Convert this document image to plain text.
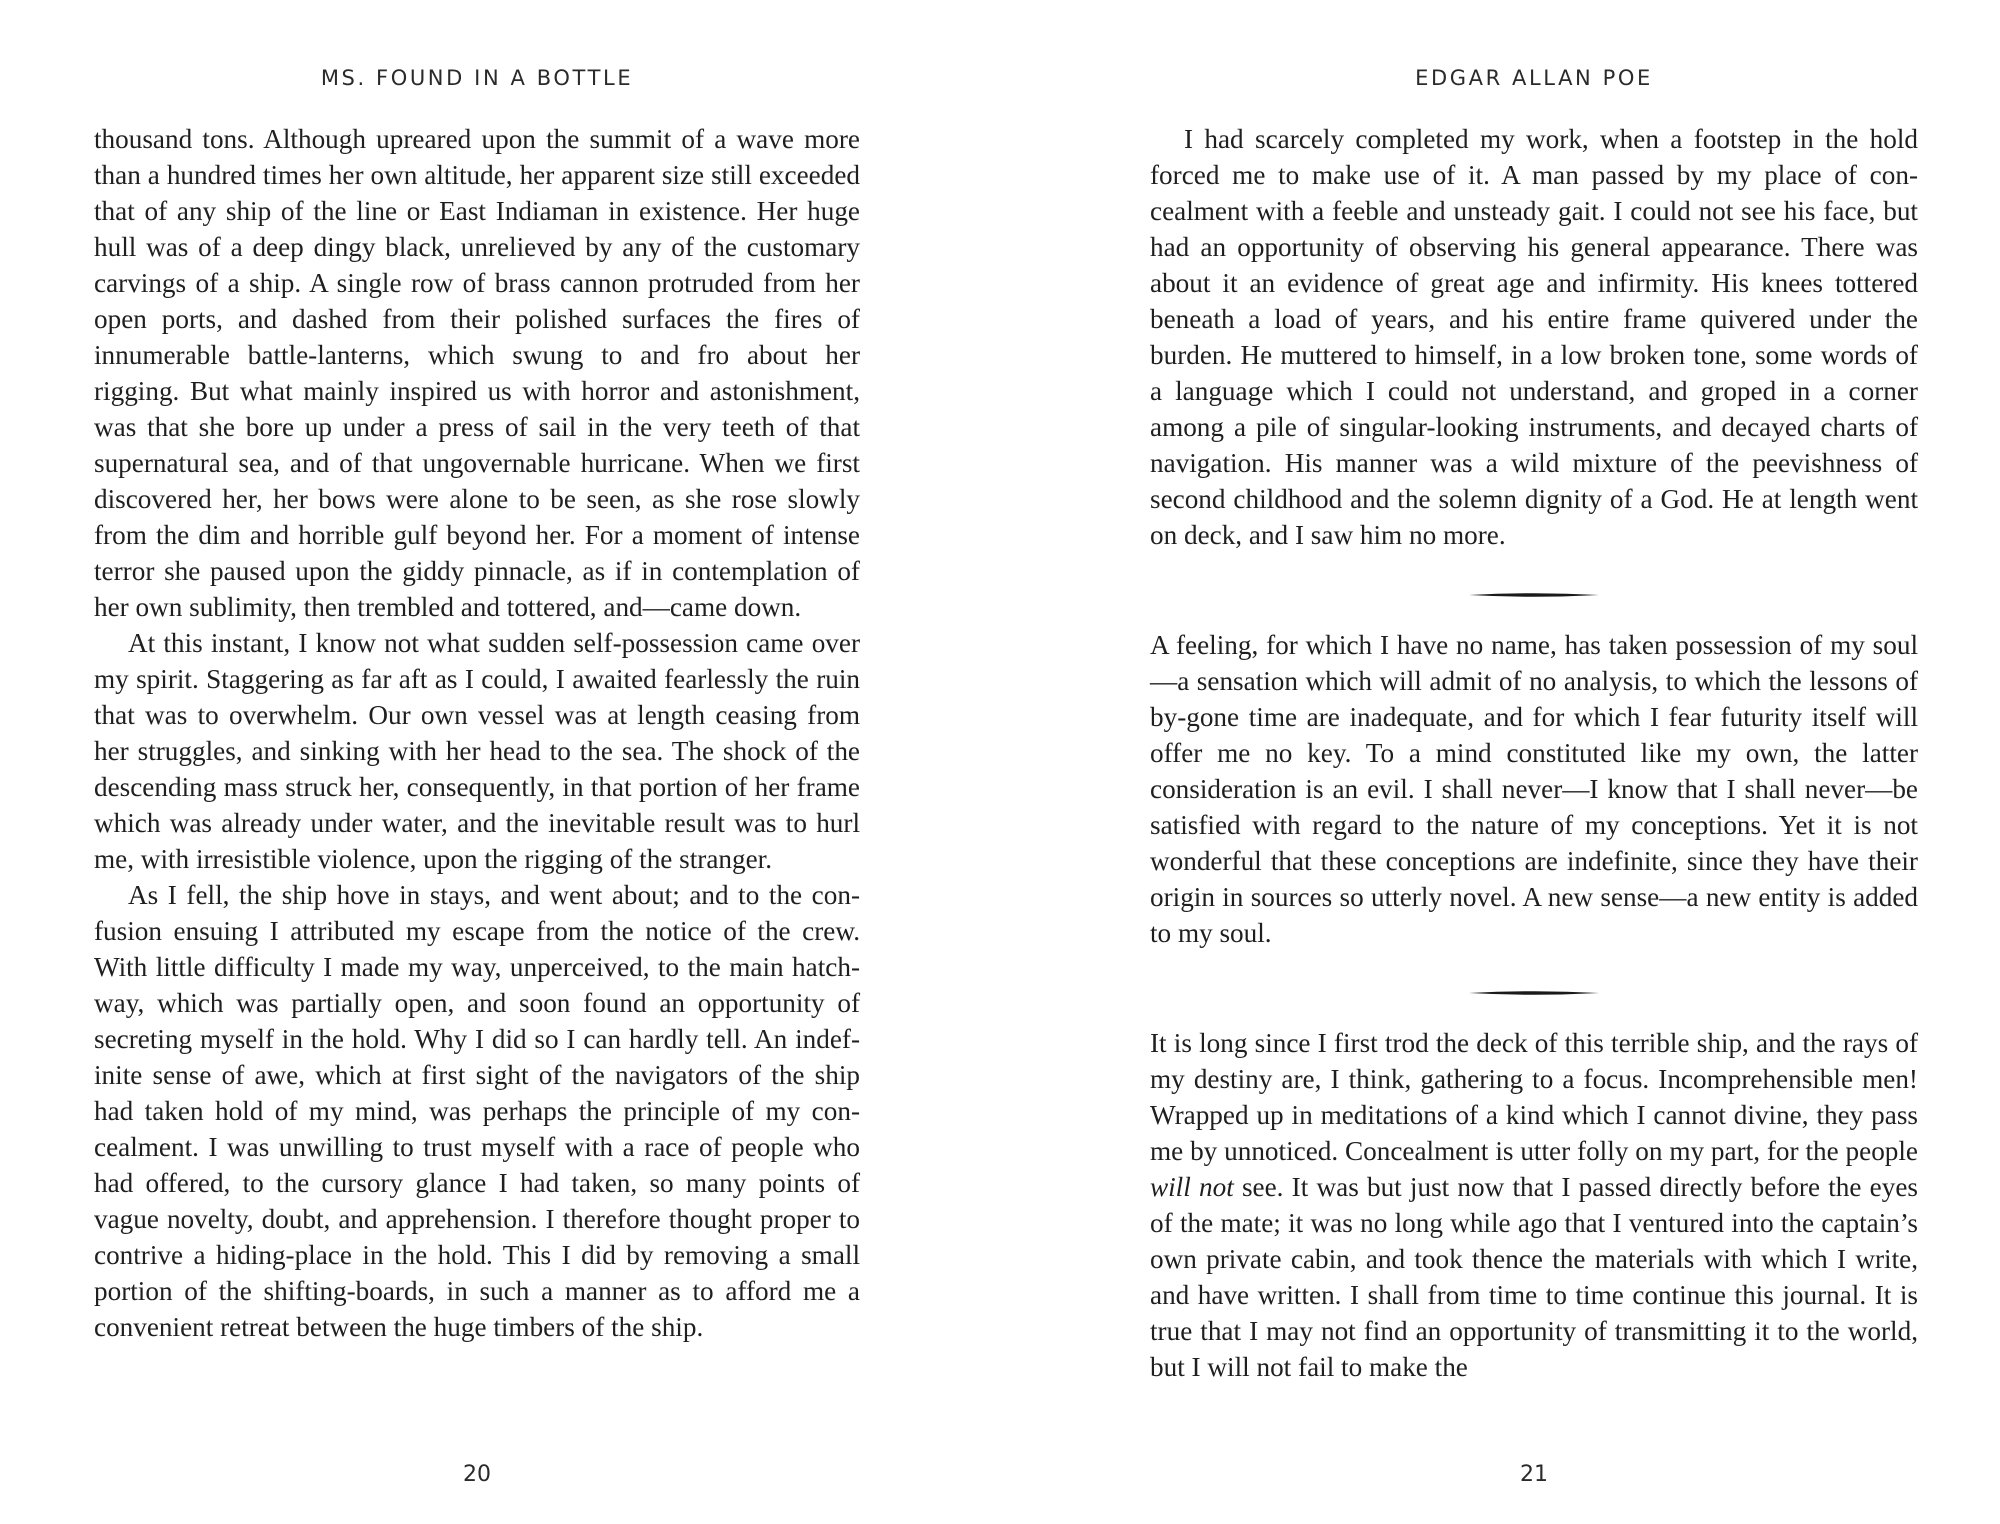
MS. FOUND IN A BOTTLE

thousand tons. Although upreared upon the summit of a wave more than a hundred times her own altitude, her apparent size still exceeded that of any ship of the line or East Indiaman in existence. Her huge hull was of a deep dingy black, unrelieved by any of the customary carvings of a ship. A single row of brass cannon protruded from her open ports, and dashed from their polished surfaces the fires of innumerable battle-lanterns, which swung to and fro about her rigging. But what mainly inspired us with horror and astonishment, was that she bore up under a press of sail in the very teeth of that supernatural sea, and of that ungovernable hurricane. When we first discovered her, her bows were alone to be seen, as she rose slowly from the dim and horrible gulf beyond her. For a moment of intense terror she paused upon the giddy pinnacle, as if in contemplation of her own sublimity, then trembled and tottered, and—came down.

At this instant, I know not what sudden self-possession came over my spirit. Staggering as far aft as I could, I awaited fearlessly the ruin that was to overwhelm. Our own vessel was at length ceasing from her struggles, and sinking with her head to the sea. The shock of the descending mass struck her, consequently, in that portion of her frame which was already under water, and the inevitable result was to hurl me, with irresistible violence, upon the rigging of the stranger.

As I fell, the ship hove in stays, and went about; and to the confusion ensuing I attributed my escape from the notice of the crew. With little difficulty I made my way, unperceived, to the main hatchway, which was partially open, and soon found an opportunity of secreting myself in the hold. Why I did so I can hardly tell. An indefinite sense of awe, which at first sight of the navigators of the ship had taken hold of my mind, was perhaps the principle of my concealment. I was unwilling to trust myself with a race of people who had offered, to the cursory glance I had taken, so many points of vague novelty, doubt, and apprehension. I therefore thought proper to contrive a hiding-place in the hold. This I did by removing a small portion of the shifting-boards, in such a manner as to afford me a convenient retreat between the huge timbers of the ship.

20

EDGAR ALLAN POE

I had scarcely completed my work, when a footstep in the hold forced me to make use of it. A man passed by my place of concealment with a feeble and unsteady gait. I could not see his face, but had an opportunity of observing his general appearance. There was about it an evidence of great age and infirmity. His knees tottered beneath a load of years, and his entire frame quivered under the burden. He muttered to himself, in a low broken tone, some words of a language which I could not understand, and groped in a corner among a pile of singular-looking instruments, and decayed charts of navigation. His manner was a wild mixture of the peevishness of second childhood and the solemn dignity of a God. He at length went on deck, and I saw him no more.

A feeling, for which I have no name, has taken possession of my soul—a sensation which will admit of no analysis, to which the lessons of by-gone time are inadequate, and for which I fear futurity itself will offer me no key. To a mind constituted like my own, the latter consideration is an evil. I shall never—I know that I shall never—be satisfied with regard to the nature of my conceptions. Yet it is not wonderful that these conceptions are indefinite, since they have their origin in sources so utterly novel. A new sense—a new entity is added to my soul.

It is long since I first trod the deck of this terrible ship, and the rays of my destiny are, I think, gathering to a focus. Incomprehensible men! Wrapped up in meditations of a kind which I cannot divine, they pass me by unnoticed. Concealment is utter folly on my part, for the people will not see. It was but just now that I passed directly before the eyes of the mate; it was no long while ago that I ventured into the captain’s own private cabin, and took thence the materials with which I write, and have written. I shall from time to time continue this journal. It is true that I may not find an opportunity of transmitting it to the world, but I will not fail to make the

21
